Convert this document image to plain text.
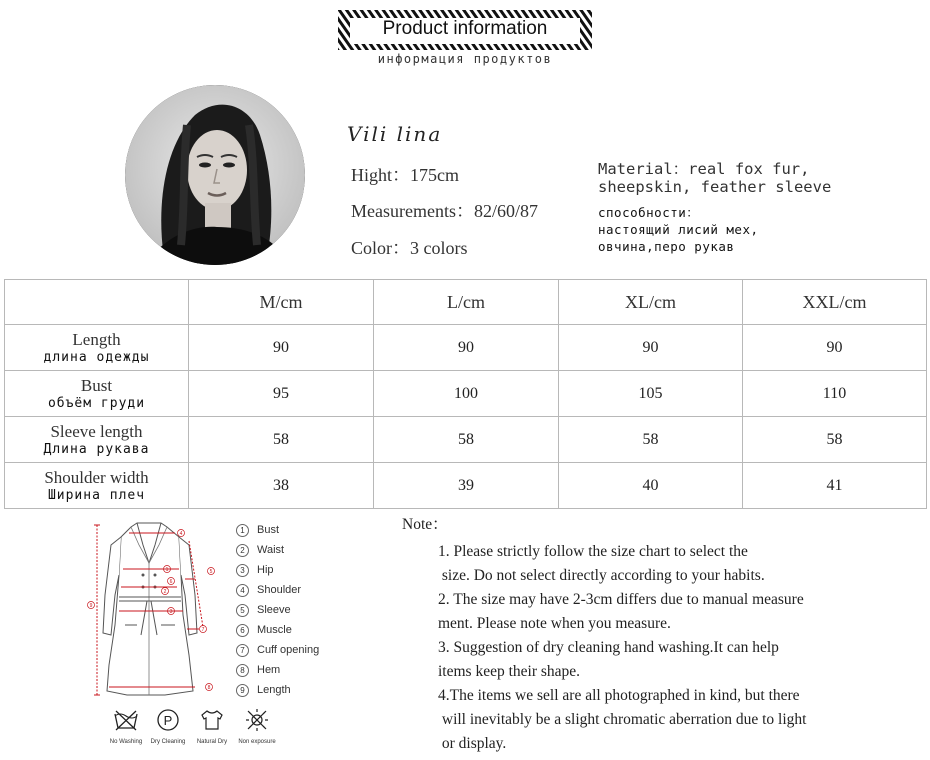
Product information
информация продуктов
Vili lina
Hight：175cm
Measurements：82/60/87
Color：3 colors
Material：real fox fur,
sheepskin, feather sleeve
способности：
настоящий лисий мех,
овчина,перо рукав
	M/cm	L/cm	XL/cm	XXL/cm

Length
длина одежды	90	90	90	90

Bust
объём груди	95	100	105	110

Sleeve length
Длина рукава	58	58	58	58

Shoulder width
Ширина плеч	38	39	40	41
4
1
6
2
3
5
7
8
9
1 Bust
2 Waist
3 Hip
4 Shoulder
5 Sleeve
6 Muscle
7 Cuff opening
8 Hem
9 Length
No Washing
P
Dry Cleaning	Natural Dry	Non exposure
Note：
1. Please strictly follow the size chart to select the
size. Do not select directly according to your habits.
2. The size may have 2-3cm differs due to manual measure
ment. Please note when you measure.
3. Suggestion of dry cleaning hand washing.It can help
items keep their shape.
4.The items we sell are all photographed in kind, but there
will inevitably be a slight chromatic aberration due to light
or display.
